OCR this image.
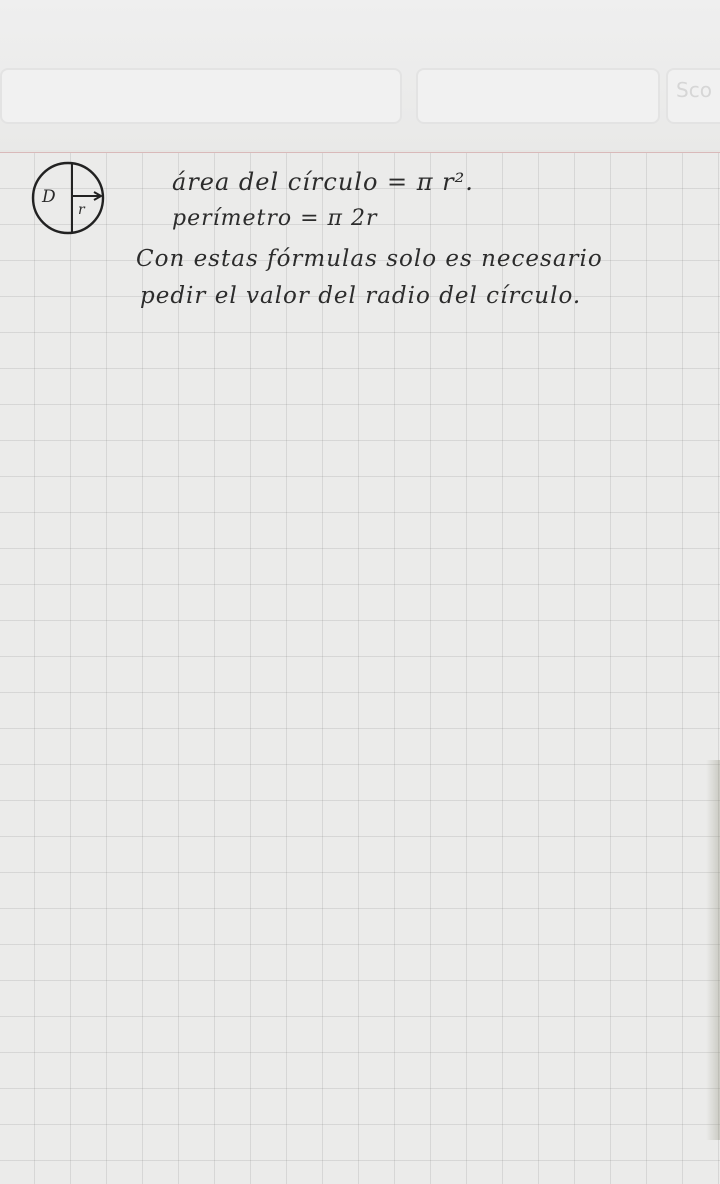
Sco
D
r
área del círculo = π r².
perímetro = π 2r
Con estas fórmulas solo es necesario
pedir el valor del radio del círculo.
